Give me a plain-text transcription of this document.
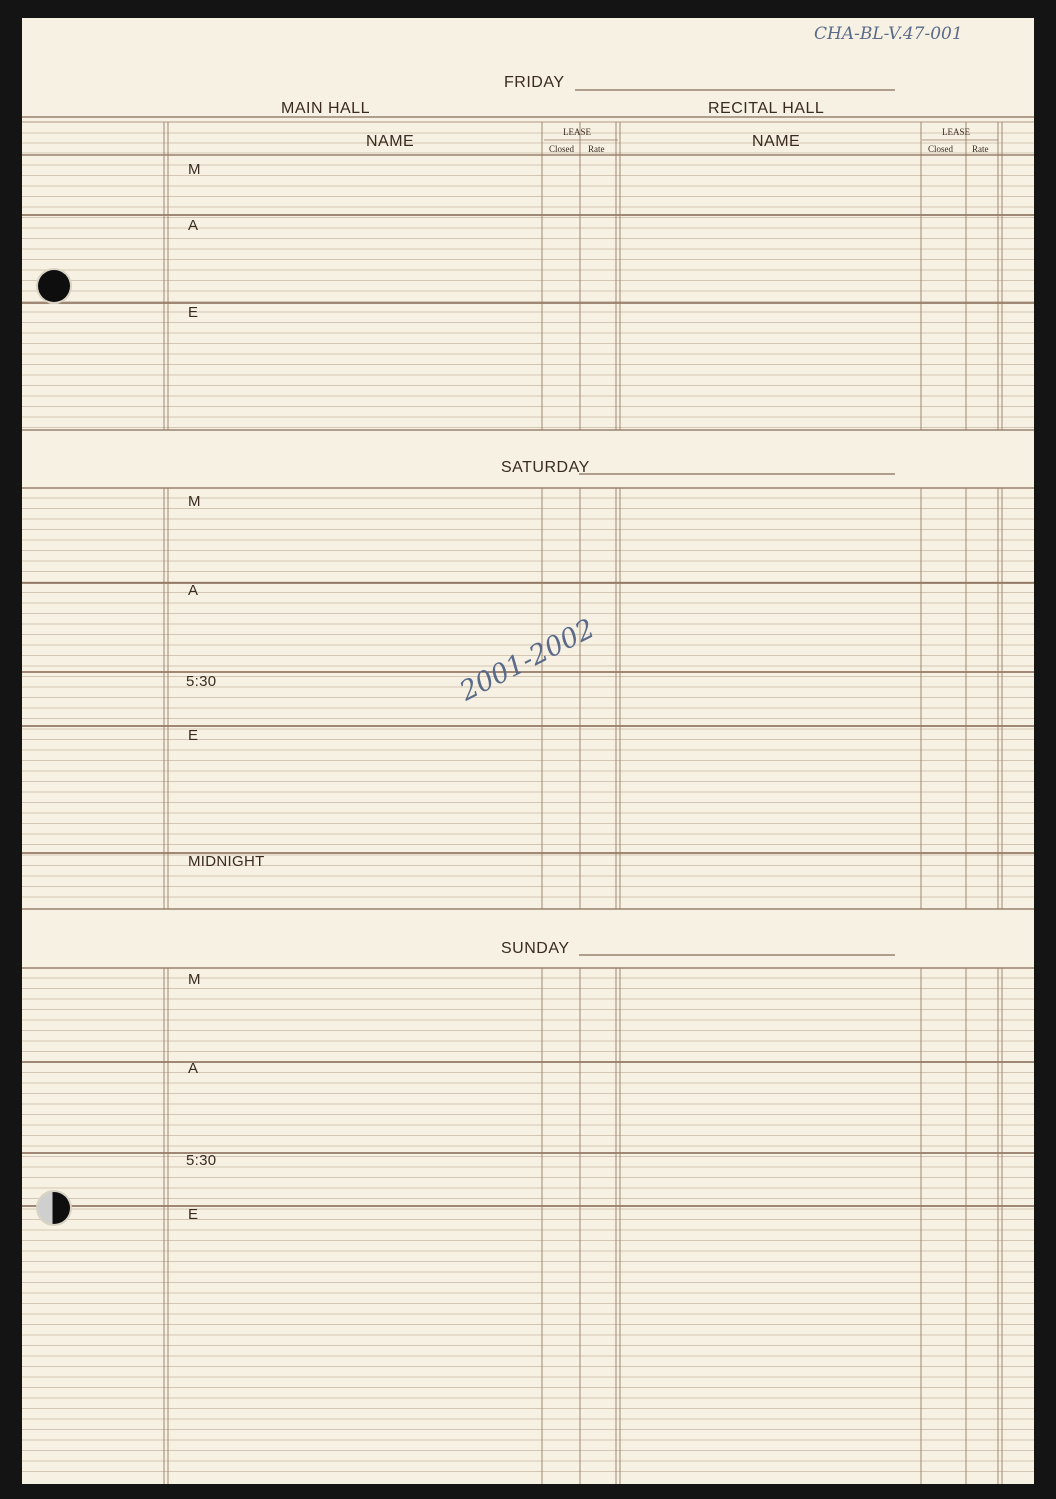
CHA-BL-V.47-001
2001-2002
FRIDAY
MAIN HALL	RECITAL HALL
NAME
LEASE
Closed Rate	NAME
LEASE
Closed Rate
M
A
E
SATURDAY
M
A
5:30
E
MIDNIGHT
SUNDAY
M
A
5:30
E
